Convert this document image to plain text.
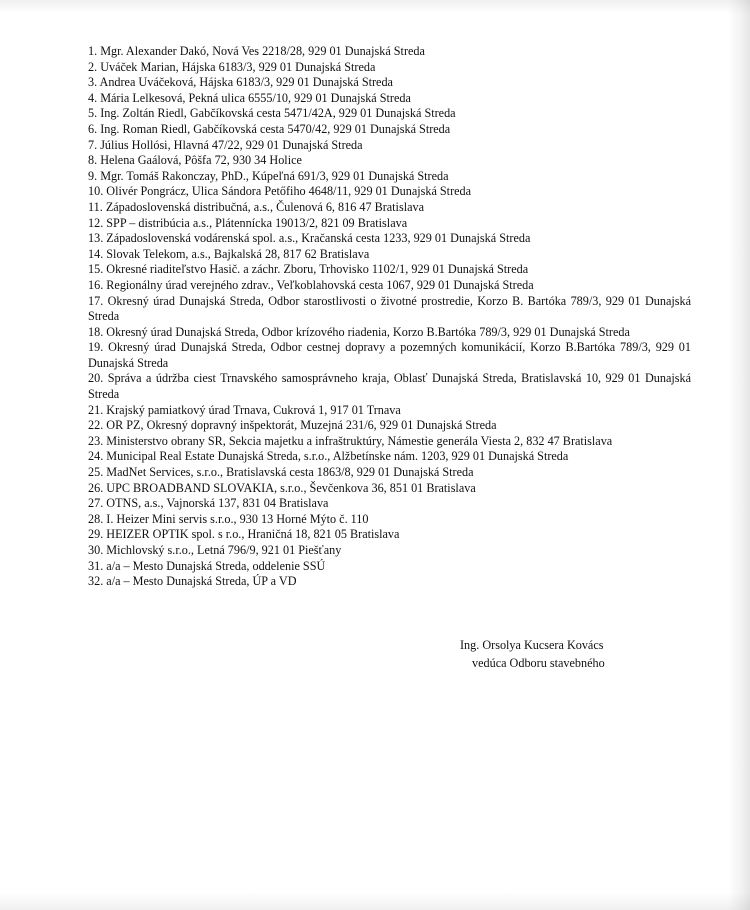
1. Mgr. Alexander Dakó, Nová Ves 2218/28, 929 01 Dunajská Streda
2. Uváček Marian, Hájska 6183/3, 929 01 Dunajská Streda
3. Andrea Uváčeková, Hájska 6183/3, 929 01 Dunajská Streda
4. Mária Lelkesová, Pekná ulica 6555/10, 929 01 Dunajská Streda
5. Ing. Zoltán Riedl, Gabčíkovská cesta 5471/42A, 929 01 Dunajská Streda
6. Ing. Roman Riedl, Gabčíkovská cesta 5470/42, 929 01 Dunajská Streda
7. Július Hollósi, Hlavná 47/22, 929 01 Dunajská Streda
8. Helena Gaálová, Pôšfa 72, 930 34 Holice
9. Mgr. Tomáš Rakonczay, PhD., Kúpeľná 691/3, 929 01 Dunajská Streda
10. Olivér Pongrácz, Ulica Sándora Petőfiho 4648/11, 929 01 Dunajská Streda
11. Západoslovenská distribučná, a.s., Čulenová 6, 816 47 Bratislava
12. SPP – distribúcia a.s., Plátenníckа 19013/2, 821 09 Bratislava
13. Západoslovenská vodárenská spol. a.s., Kračanská cesta 1233, 929 01 Dunajská Streda
14. Slovak Telekom, a.s., Bajkalská 28, 817 62 Bratislava
15. Okresné riaditeľstvo Hasič. a záchr. Zboru, Trhovisko 1102/1, 929 01 Dunajská Streda
16. Regionálny úrad verejného zdrav., Veľkoblahovská cesta 1067, 929 01 Dunajská Streda
17. Okresný úrad Dunajská Streda, Odbor starostlivosti o životné prostredie, Korzo B. Bartóka 789/3, 929 01 Dunajská Streda
18. Okresný úrad Dunajská Streda, Odbor krízového riadenia, Korzo B.Bartóka 789/3, 929 01 Dunajská Streda
19. Okresný úrad Dunajská Streda, Odbor cestnej dopravy a pozemných komunikácií, Korzo B.Bartóka 789/3, 929 01 Dunajská Streda
20. Správa a údržba ciest Trnavského samosprávneho kraja, Oblasť Dunajská Streda, Bratislavská 10, 929 01 Dunajská Streda
21. Krajský pamiatkový úrad Trnava, Cukrová 1, 917 01 Trnava
22. OR PZ, Okresný dopravný inšpektorát, Muzejná 231/6, 929 01 Dunajská Streda
23. Ministerstvo obrany SR, Sekcia majetku a infraštruktúry, Námestie generála Viesta 2, 832 47 Bratislava
24. Municipal Real Estate Dunajská Streda, s.r.o., Alžbetínske nám. 1203, 929 01 Dunajská Streda
25. MadNet Services, s.r.o., Bratislavská cesta 1863/8, 929 01 Dunajská Streda
26. UPC BROADBAND SLOVAKIA, s.r.o., Ševčenkova 36, 851 01 Bratislava
27. OTNS, a.s., Vajnorská 137, 831 04 Bratislava
28. I. Heizer Mini servis s.r.o., 930 13 Horné Mýto č. 110
29. HEIZER OPTIK spol. s r.o., Hraničná 18, 821 05 Bratislava
30. Michlovský s.r.o., Letná 796/9, 921 01 Piešťany
31. a/a – Mesto Dunajská Streda, oddelenie SSÚ
32. a/a – Mesto Dunajská Streda, ÚP a VD
Ing. Orsolya Kucsera Kovács
vedúca Odboru stavebného
